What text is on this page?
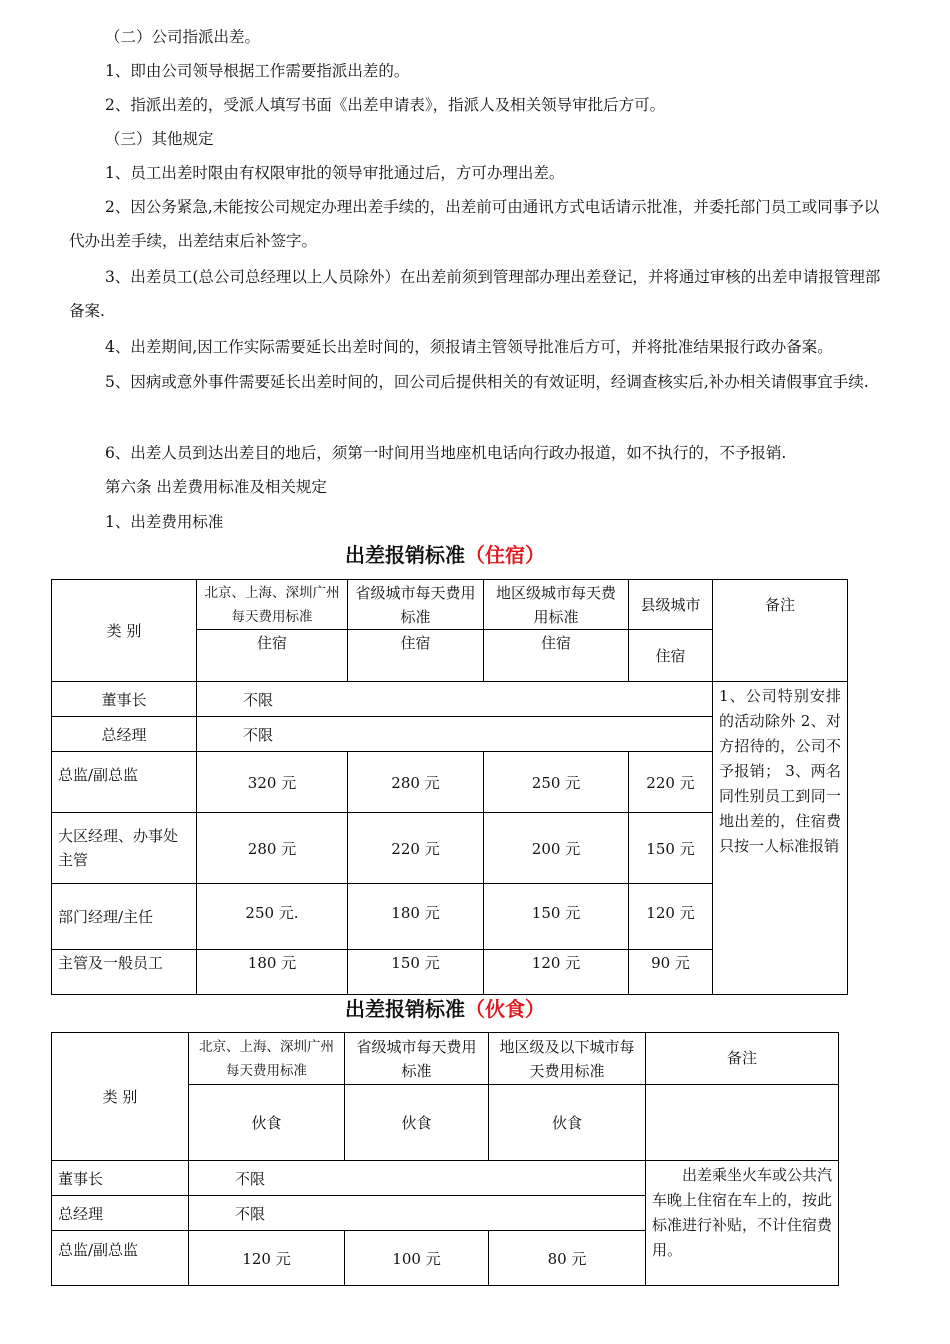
（二）公司指派出差。

1、即由公司领导根据工作需要指派出差的。

2、指派出差的，受派人填写书面《出差申请表》，指派人及相关领导审批后方可。

（三）其他规定

1、员工出差时限由有权限审批的领导审批通过后，方可办理出差。

2、因公务紧急,未能按公司规定办理出差手续的，出差前可由通讯方式电话请示批准，并委托部门员工或同事予以代办出差手续，出差结束后补签字。

3、出差员工(总公司总经理以上人员除外）在出差前须到管理部办理出差登记，并将通过审核的出差申请报管理部备案.

4、出差期间,因工作实际需要延长出差时间的，须报请主管领导批准后方可，并将批准结果报行政办备案。

5、因病或意外事件需要延长出差时间的，回公司后提供相关的有效证明，经调查核实后,补办相关请假事宜手续.

6、出差人员到达出差目的地后，须第一时间用当地座机电话向行政办报道，如不执行的，不予报销.

第六条 出差费用标准及相关规定

1、出差费用标准

出差报销标准（住宿）
类 别	北京、上海、深圳广州每天费用标准	省级城市每天费用标准	地区级城市每天费用标准	县级城市	备注
	住宿	住宿	住宿	住宿	
董事长	不限				1、公司特别安排的活动除外 2、对方招待的，公司不予报销； 3、两名同性别员工到同一地出差的，住宿费只按一人标准报销
总经理	不限				
总监/副总监	320 元	280 元	250 元	220 元	
大区经理、办事处主管	280 元	220 元	200 元	150 元	
部门经理/主任	250 元.	180 元	150 元	120 元	
主管及一般员工	180 元	150 元	120 元	90 元	
出差报销标准（伙食）
类 别	北京、上海、深圳广州每天费用标准	省级城市每天费用标准	地区级及以下城市每天费用标准	备注
	伙食	伙食	伙食	
董事长	不限			出差乘坐火车或公共汽车晚上住宿在车上的，按此标准进行补贴，不计住宿费用。
总经理	不限			
总监/副总监	120 元	100 元	80 元	
